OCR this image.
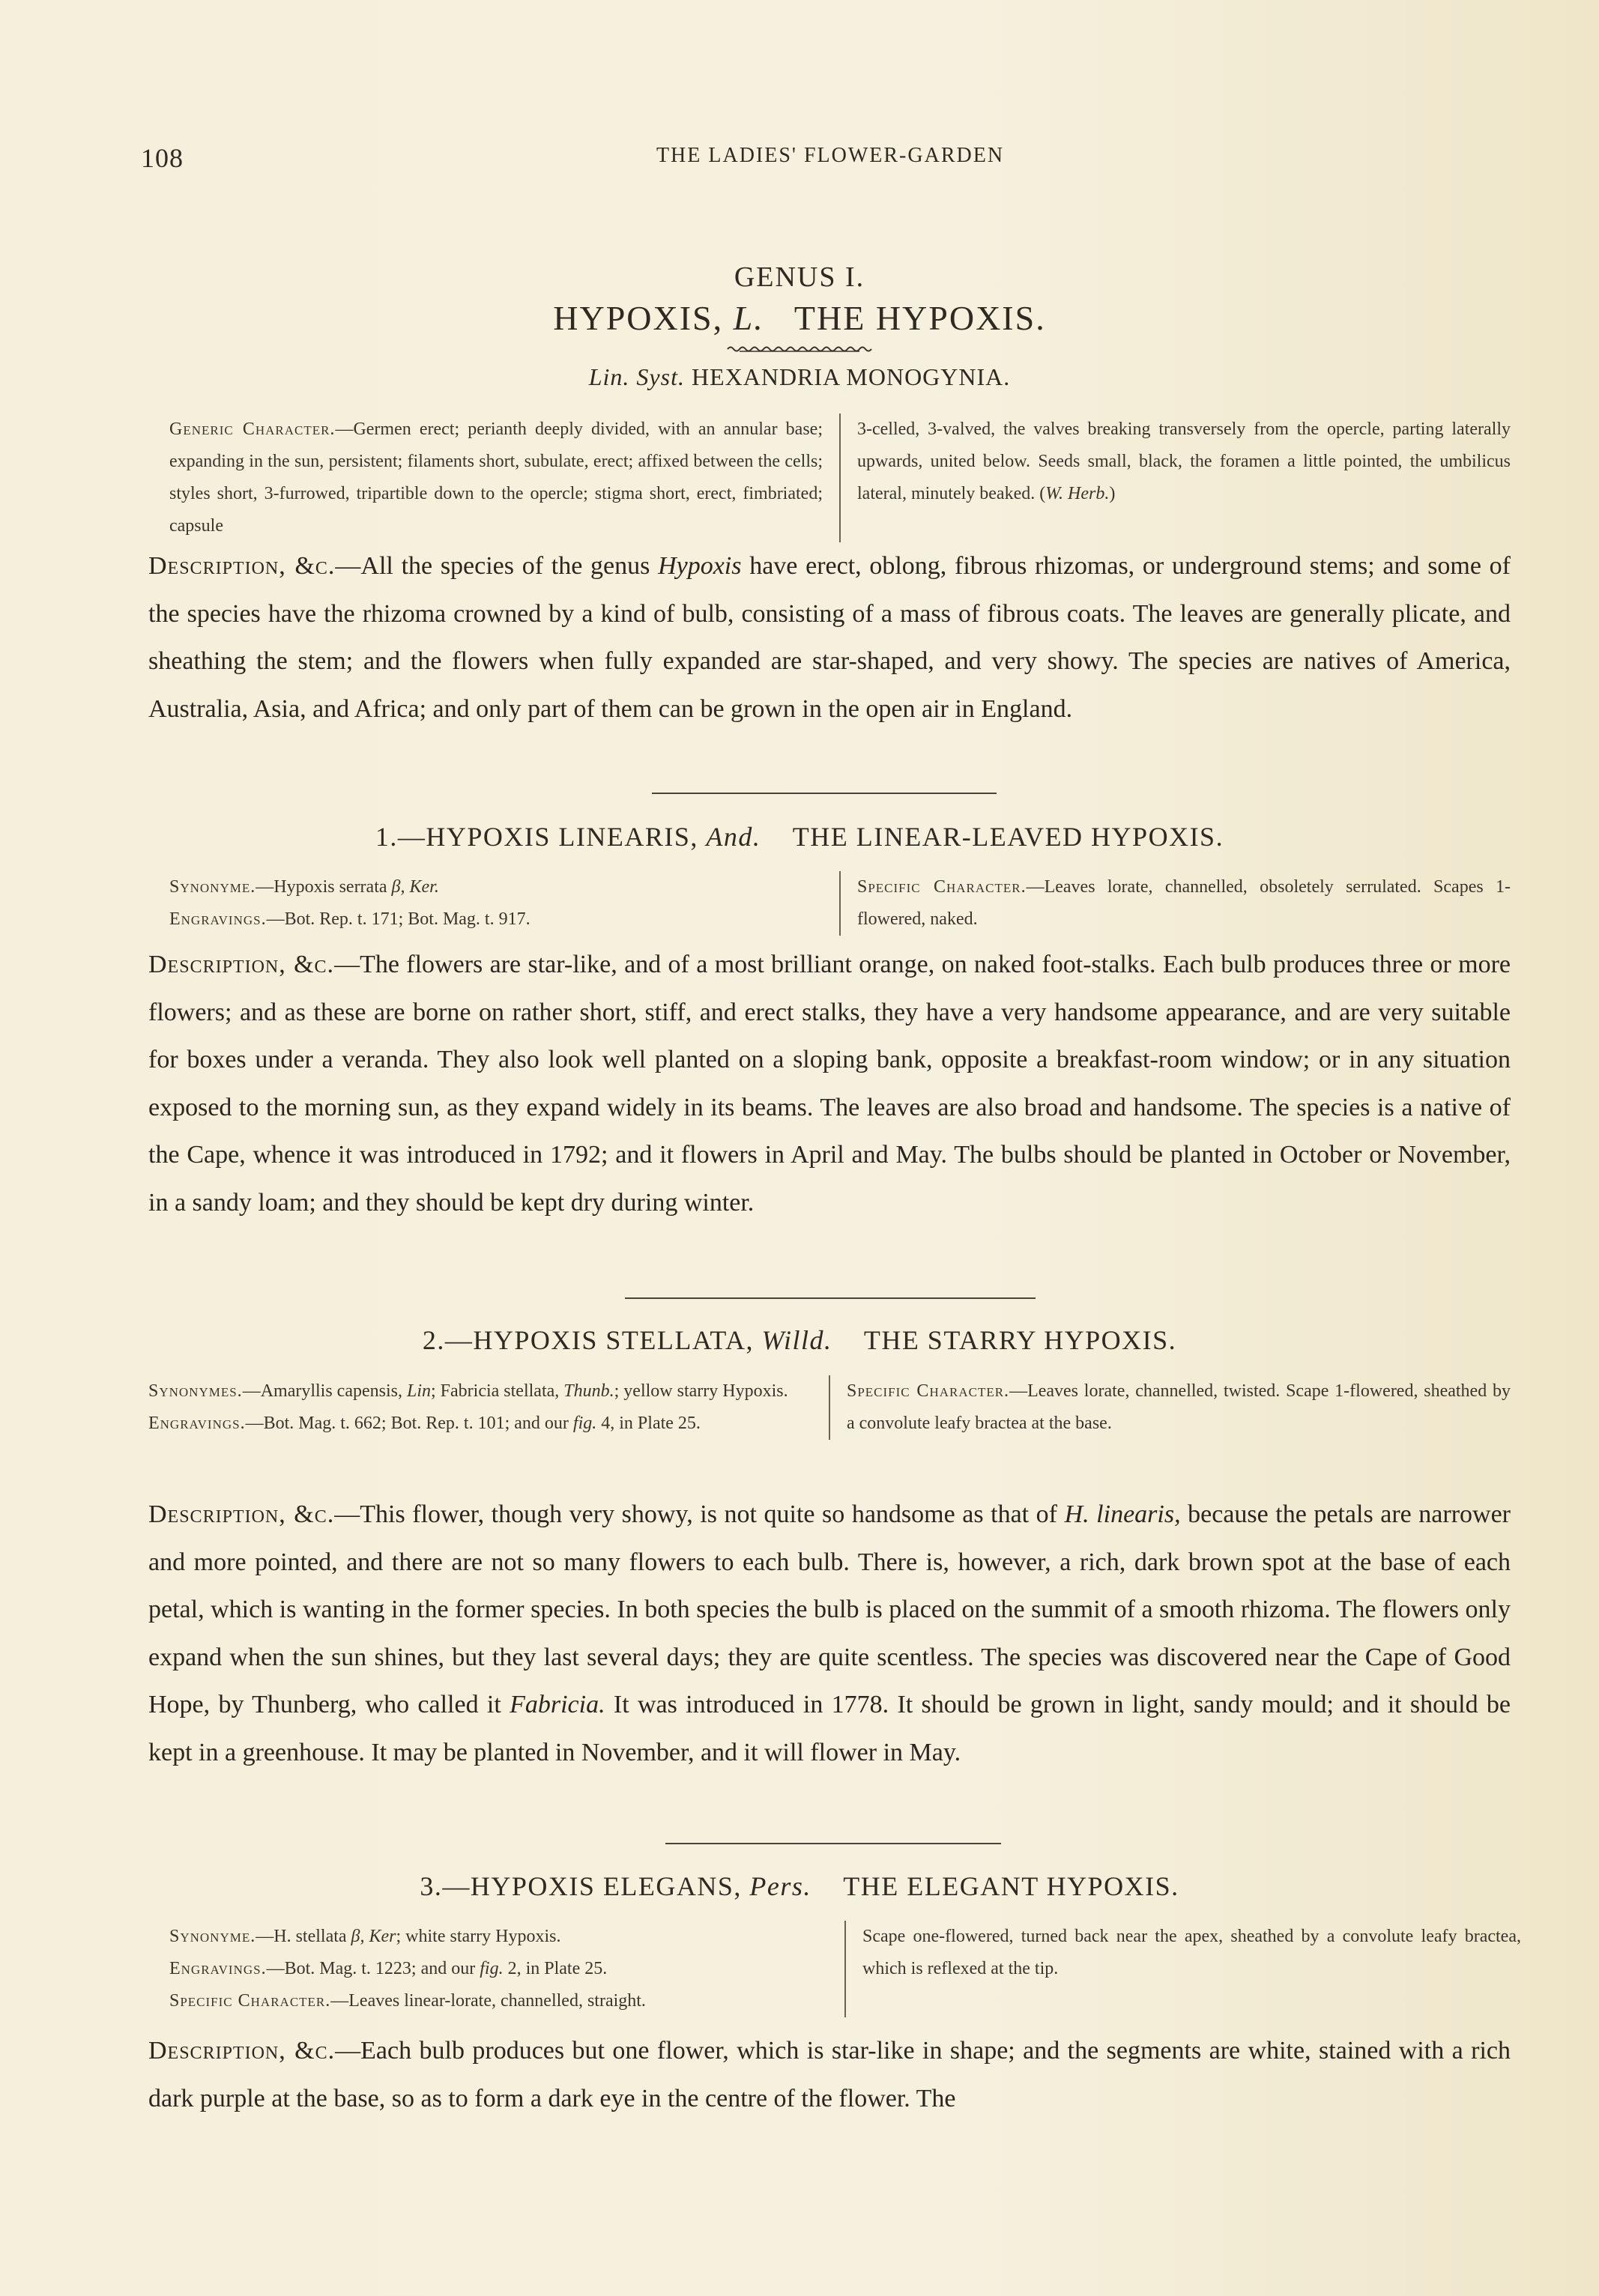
108	THE LADIES' FLOWER-GARDEN
GENUS I.
HYPOXIS, L. THE HYPOXIS.
Lin. Syst. HEXANDRIA MONOGYNIA.
Generic Character.—Germen erect; perianth deeply divided, with an annular base; expanding in the sun, persistent; filaments short, subulate, erect; affixed between the cells; styles short, 3-furrowed, tripartible down to the opercle; stigma short, erect, fimbriated; capsule
3-celled, 3-valved, the valves breaking transversely from the opercle, parting laterally upwards, united below. Seeds small, black, the foramen a little pointed, the umbilicus lateral, minutely beaked. (W. Herb.)
Description, &c.—All the species of the genus Hypoxis have erect, oblong, fibrous rhizomas, or underground stems; and some of the species have the rhizoma crowned by a kind of bulb, consisting of a mass of fibrous coats. The leaves are generally plicate, and sheathing the stem; and the flowers when fully expanded are star-shaped, and very showy. The species are natives of America, Australia, Asia, and Africa; and only part of them can be grown in the open air in England.
1.—HYPOXIS LINEARIS, And. THE LINEAR-LEAVED HYPOXIS.
Synonyme.—Hypoxis serrata β, Ker.
Engravings.—Bot. Rep. t. 171; Bot. Mag. t. 917.
Specific Character.—Leaves lorate, channelled, obsoletely serrulated. Scapes 1-flowered, naked.
Description, &c.—The flowers are star-like, and of a most brilliant orange, on naked foot-stalks. Each bulb produces three or more flowers; and as these are borne on rather short, stiff, and erect stalks, they have a very handsome appearance, and are very suitable for boxes under a veranda. They also look well planted on a sloping bank, opposite a breakfast-room window; or in any situation exposed to the morning sun, as they expand widely in its beams. The leaves are also broad and handsome. The species is a native of the Cape, whence it was introduced in 1792; and it flowers in April and May. The bulbs should be planted in October or November, in a sandy loam; and they should be kept dry during winter.
2.—HYPOXIS STELLATA, Willd. THE STARRY HYPOXIS.
Synonymes.—Amaryllis capensis, Lin; Fabricia stellata, Thunb.; yellow starry Hypoxis.
Engravings.—Bot. Mag. t. 662; Bot. Rep. t. 101; and our fig. 4, in Plate 25.
Specific Character.—Leaves lorate, channelled, twisted. Scape 1-flowered, sheathed by a convolute leafy bractea at the base.
Description, &c.—This flower, though very showy, is not quite so handsome as that of H. linearis, because the petals are narrower and more pointed, and there are not so many flowers to each bulb. There is, however, a rich, dark brown spot at the base of each petal, which is wanting in the former species. In both species the bulb is placed on the summit of a smooth rhizoma. The flowers only expand when the sun shines, but they last several days; they are quite scentless. The species was discovered near the Cape of Good Hope, by Thunberg, who called it Fabricia. It was introduced in 1778. It should be grown in light, sandy mould; and it should be kept in a greenhouse. It may be planted in November, and it will flower in May.
3.—HYPOXIS ELEGANS, Pers. THE ELEGANT HYPOXIS.
Synonyme.—H. stellata β, Ker; white starry Hypoxis.
Engravings.—Bot. Mag. t. 1223; and our fig. 2, in Plate 25.
Specific Character.—Leaves linear-lorate, channelled, straight.
Scape one-flowered, turned back near the apex, sheathed by a convolute leafy bractea, which is reflexed at the tip.
Description, &c.—Each bulb produces but one flower, which is star-like in shape; and the segments are white, stained with a rich dark purple at the base, so as to form a dark eye in the centre of the flower. The
